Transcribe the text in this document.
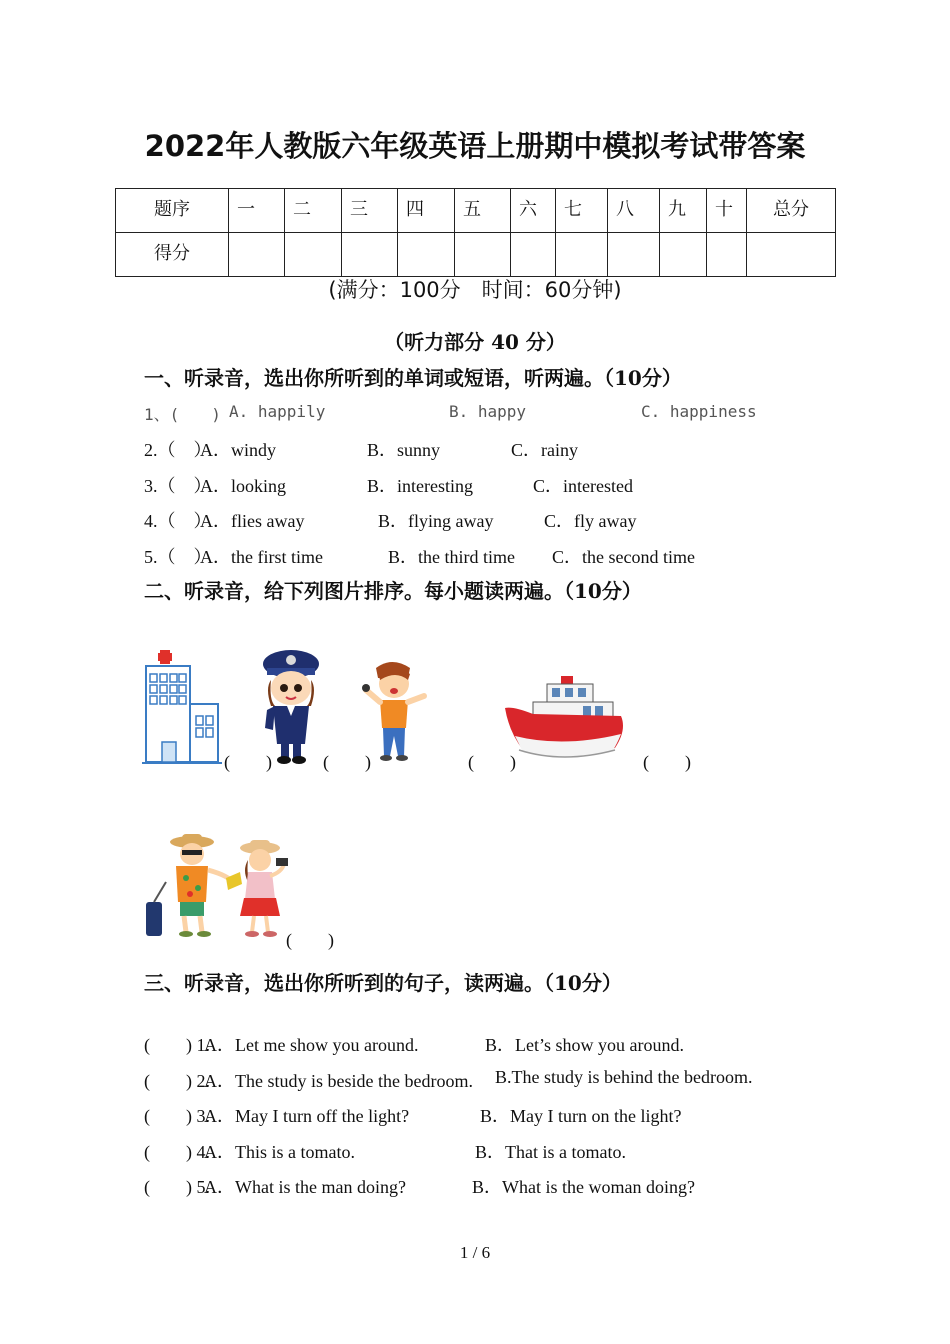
2022年人教版六年级英语上册期中模拟考试带答案
题序	一	二	三	四	五	六	七	八	九	十	总分
得分											
(满分：100分　时间：60分钟)
（听力部分 40 分）
一、听录音，选出你所听到的单词或短语，听两遍。（10分）
1、(　　) A. happily	B. happy	C. happiness
2.（　）
A．windy	B．sunny	C．rainy
3.（　）
A．looking	B．interesting	C．interested
4.（　）
A．flies away	B．flying away	C．fly away
5.（　）
A．the first time	B．the third time C．the second time
二、听录音，给下列图片排序。每小题读两遍。（10分）
(　　)	(　　)	(　　)	(　　)
(　　)
三、听录音，选出你所听到的句子，读两遍。（10分）
(　　) 1.
A．Let me show you around.	B．Let’s show you around.
(　　) 2.
A．The study is beside the bedroom. B.The study is behind the bedroom.
(　　) 3.
A．May I turn off the light?	B．May I turn on the light?
(　　) 4.
A．This is a tomato.	B．That is a tomato.
(　　) 5.
A．What is the man doing?	B．What is the woman doing?
1 / 6
